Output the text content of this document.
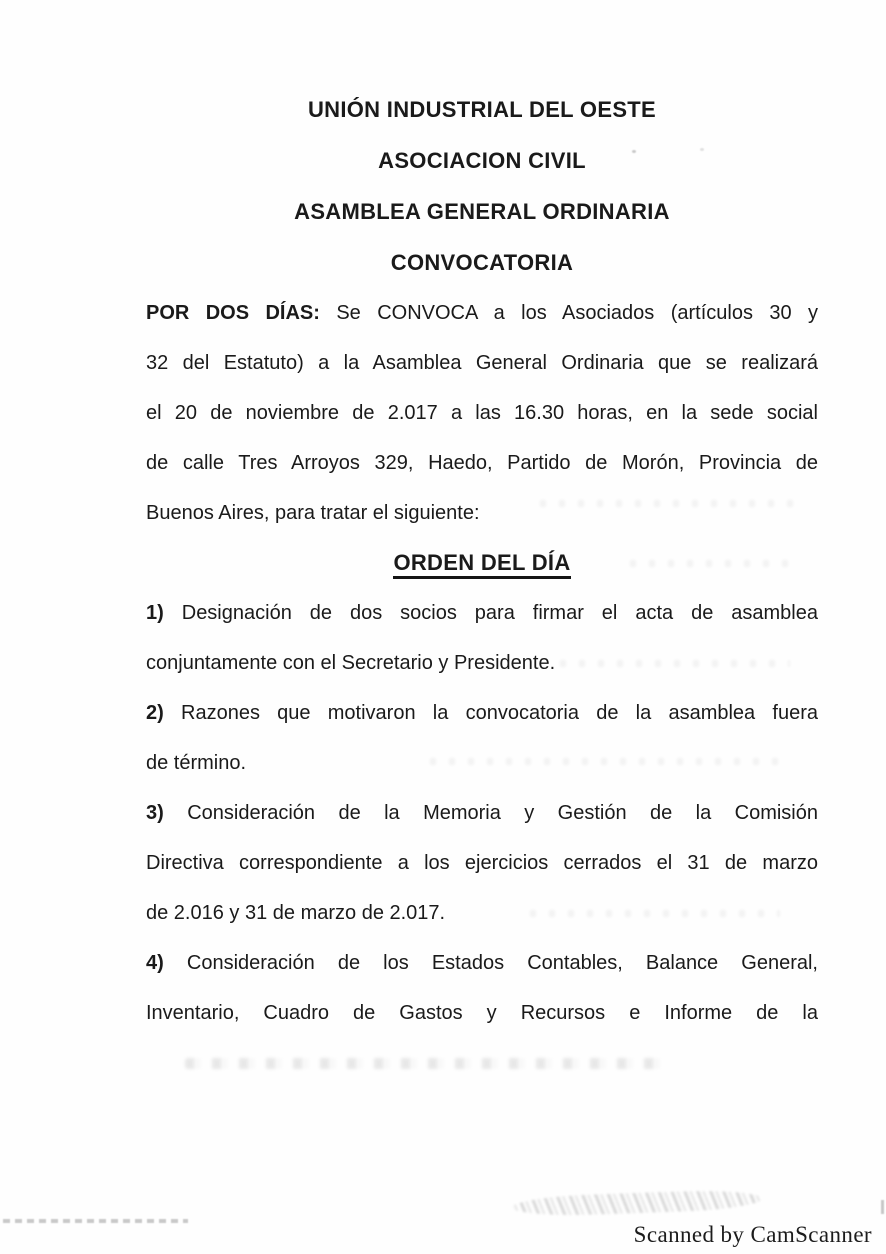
UNIÓN INDUSTRIAL DEL OESTE
ASOCIACION CIVIL
ASAMBLEA GENERAL ORDINARIA
CONVOCATORIA
POR DOS DÍAS: Se CONVOCA a los Asociados (artículos 30 y
32 del Estatuto) a la Asamblea General Ordinaria que se realizará
el 20 de noviembre de 2.017 a las 16.30 horas, en la sede social
de calle Tres Arroyos 329, Haedo, Partido de Morón, Provincia de
Buenos Aires, para tratar el siguiente:
ORDEN DEL DÍA
1) Designación de dos socios para firmar el acta de asamblea
conjuntamente con el Secretario y Presidente.
2) Razones que motivaron la convocatoria de la asamblea fuera
de término.
3) Consideración de la Memoria y Gestión de la Comisión
Directiva correspondiente a los ejercicios cerrados el 31 de marzo
de 2.016 y 31 de marzo de 2.017.
4) Consideración de los Estados Contables, Balance General,
Inventario, Cuadro de Gastos y Recursos e Informe de la
Scanned by CamScanner
